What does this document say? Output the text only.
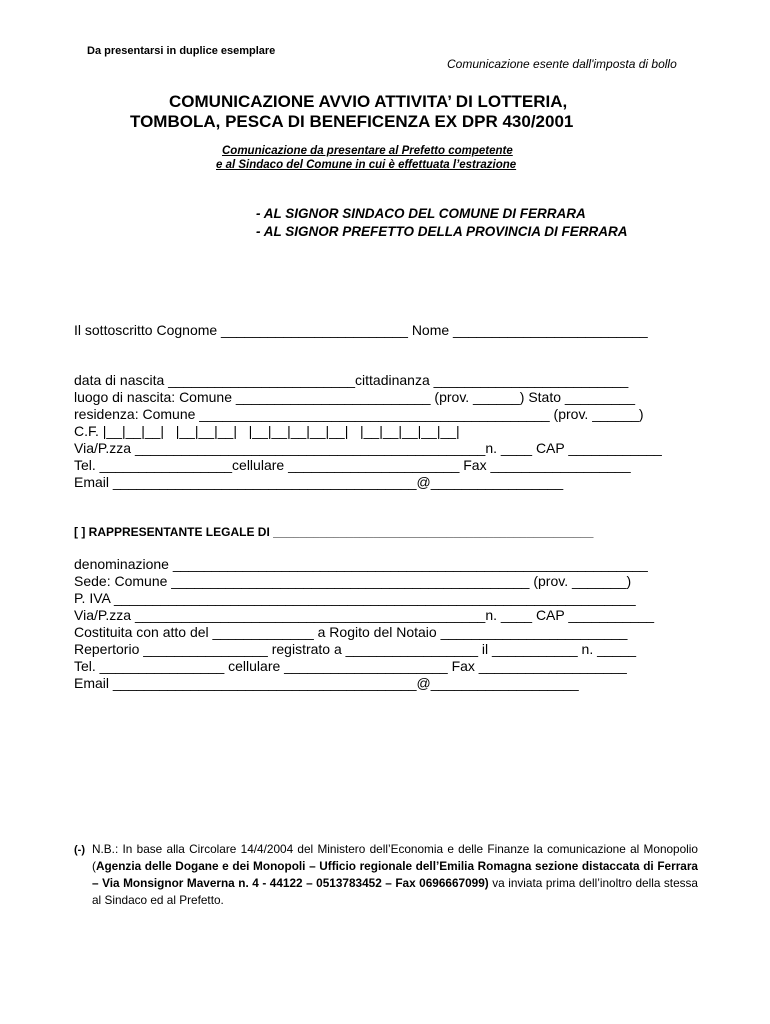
Da presentarsi in duplice esemplare
Comunicazione esente dall'imposta di bollo
COMUNICAZIONE AVVIO ATTIVITA’ DI LOTTERIA,
TOMBOLA, PESCA DI BENEFICENZA EX DPR 430/2001
Comunicazione da presentare al Prefetto competente
e al Sindaco del Comune in cui è effettuata l’estrazione
- AL SIGNOR SINDACO DEL COMUNE DI FERRARA
- AL SIGNOR PREFETTO DELLA PROVINCIA DI FERRARA
Il sottoscritto Cognome ________________________ Nome _________________________
data di nascita ________________________cittadinanza _________________________
luogo di nascita: Comune _________________________ (prov. ______) Stato _________
residenza: Comune _____________________________________________ (prov. ______)
C.F. |__|__|__|   |__|__|__|   |__|__|__|__|__|   |__|__|__|__|__|
Via/P.zza _____________________________________________n. ____ CAP ____________
Tel. _________________cellulare ______________________ Fax __________________
Email _______________________________________@_________________
[ ] RAPPRESENTANTE LEGALE DI ________________________________________________
denominazione _____________________________________________________________
Sede: Comune ______________________________________________ (prov. _______)
P. IVA ___________________________________________________________________
Via/P.zza _____________________________________________n. ____ CAP ___________
Costituita con atto del _____________ a Rogito del Notaio ________________________
Repertorio ________________ registrato a _________________ il ___________ n. _____
Tel. ________________ cellulare _____________________ Fax ___________________
Email _______________________________________@___________________
(-) N.B.: In base alla Circolare 14/4/2004 del Ministero dell’Economia e delle Finanze la comunicazione al Monopolio (Agenzia delle Dogane e dei Monopoli – Ufficio regionale dell’Emilia Romagna sezione distaccata di Ferrara – Via Monsignor Maverna n. 4 - 44122 – 0513783452 – Fax 0696667099) va inviata prima dell’inoltro della stessa al Sindaco ed al Prefetto.
